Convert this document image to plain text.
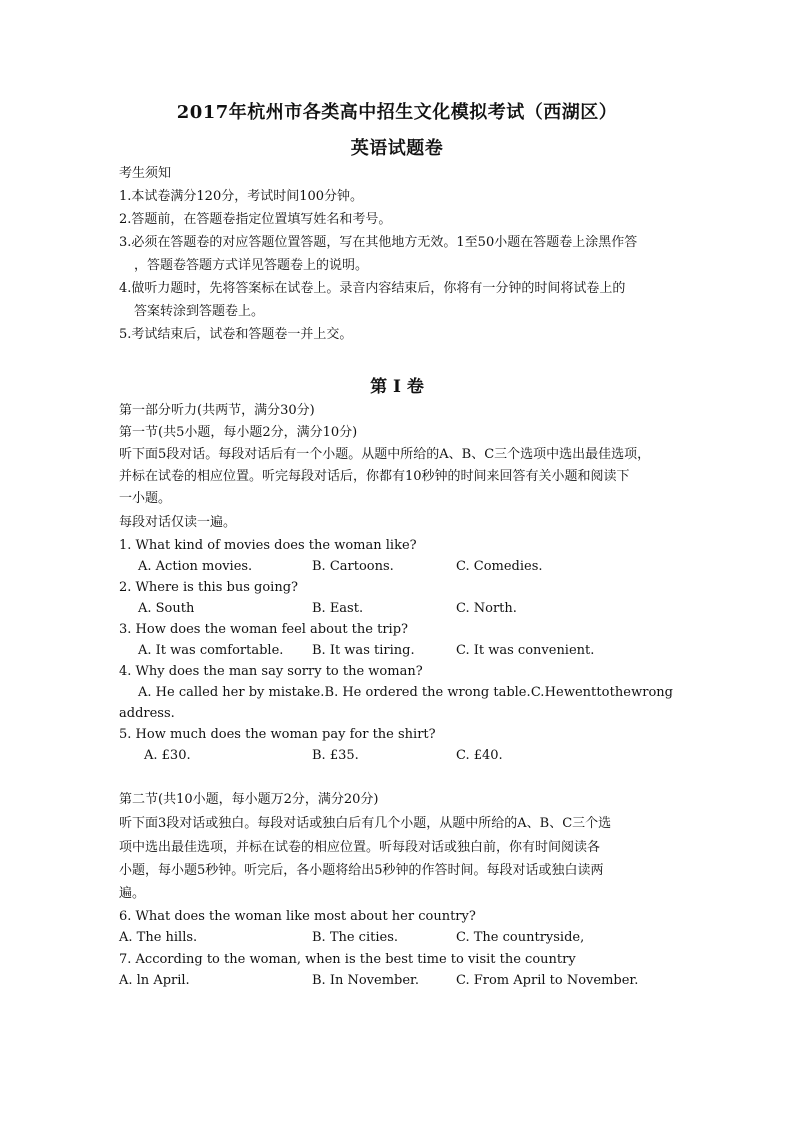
2017年杭州市各类高中招生文化模拟考试（西湖区）
英语试题卷
考生须知
1.本试卷满分120分，考试时间100分钟。
2.答题前，在答题卷指定位置填写姓名和考号。
3.必须在答题卷的对应答题位置答题，写在其他地方无效。1至50小题在答题卷上涂黑作答
，答题卷答题方式详见答题卷上的说明。
4.做听力题时，先将答案标在试卷上。录音内容结束后，你将有一分钟的时间将试卷上的
答案转涂到答题卷上。
5.考试结束后，试卷和答题卷一并上交。
第 I 卷
第一部分听力(共两节，满分30分)
第一节(共5小题，每小题2分，满分10分)
听下面5段对话。每段对话后有一个小题。从题中所给的A、B、C三个选项中选出最佳选项，
并标在试卷的相应位置。听完每段对话后，你都有10秒钟的时间来回答有关小题和阅读下
一小题。
每段对话仅读一遍。
1. What kind of movies does the woman like?
A. Action movies.	B. Cartoons.	C. Comedies.
2. Where is this bus going?
A. South	B. East.	C. North.
3. How does the woman feel about the trip?
A. It was comfortable. B. It was tiring.	C. It was convenient.
4. Why does the man say sorry to the woman?
A. He called her by mistake. B. He ordered the wrong table. C. He went to the wrong
address.
5. How much does the woman pay for the shirt?
A. £30.	B. £35.	C. £40.
第二节(共10小题，每小题万2分，满分20分)
听下面3段对话或独白。每段对话或独白后有几个小题，从题中所给的A、B、C三个选
项中选出最佳选项，并标在试卷的相应位置。听每段对话或独白前，你有时间阅读各
小题，每小题5秒钟。听完后，各小题将给出5秒钟的作答时间。每段对话或独白读两
遍。
6. What does the woman like most about her country?
A. The hills.	B. The cities.	C. The countryside,
7. According to the woman, when is the best time to visit the country
A. ln April.	B. In November.	C. From April to November.
